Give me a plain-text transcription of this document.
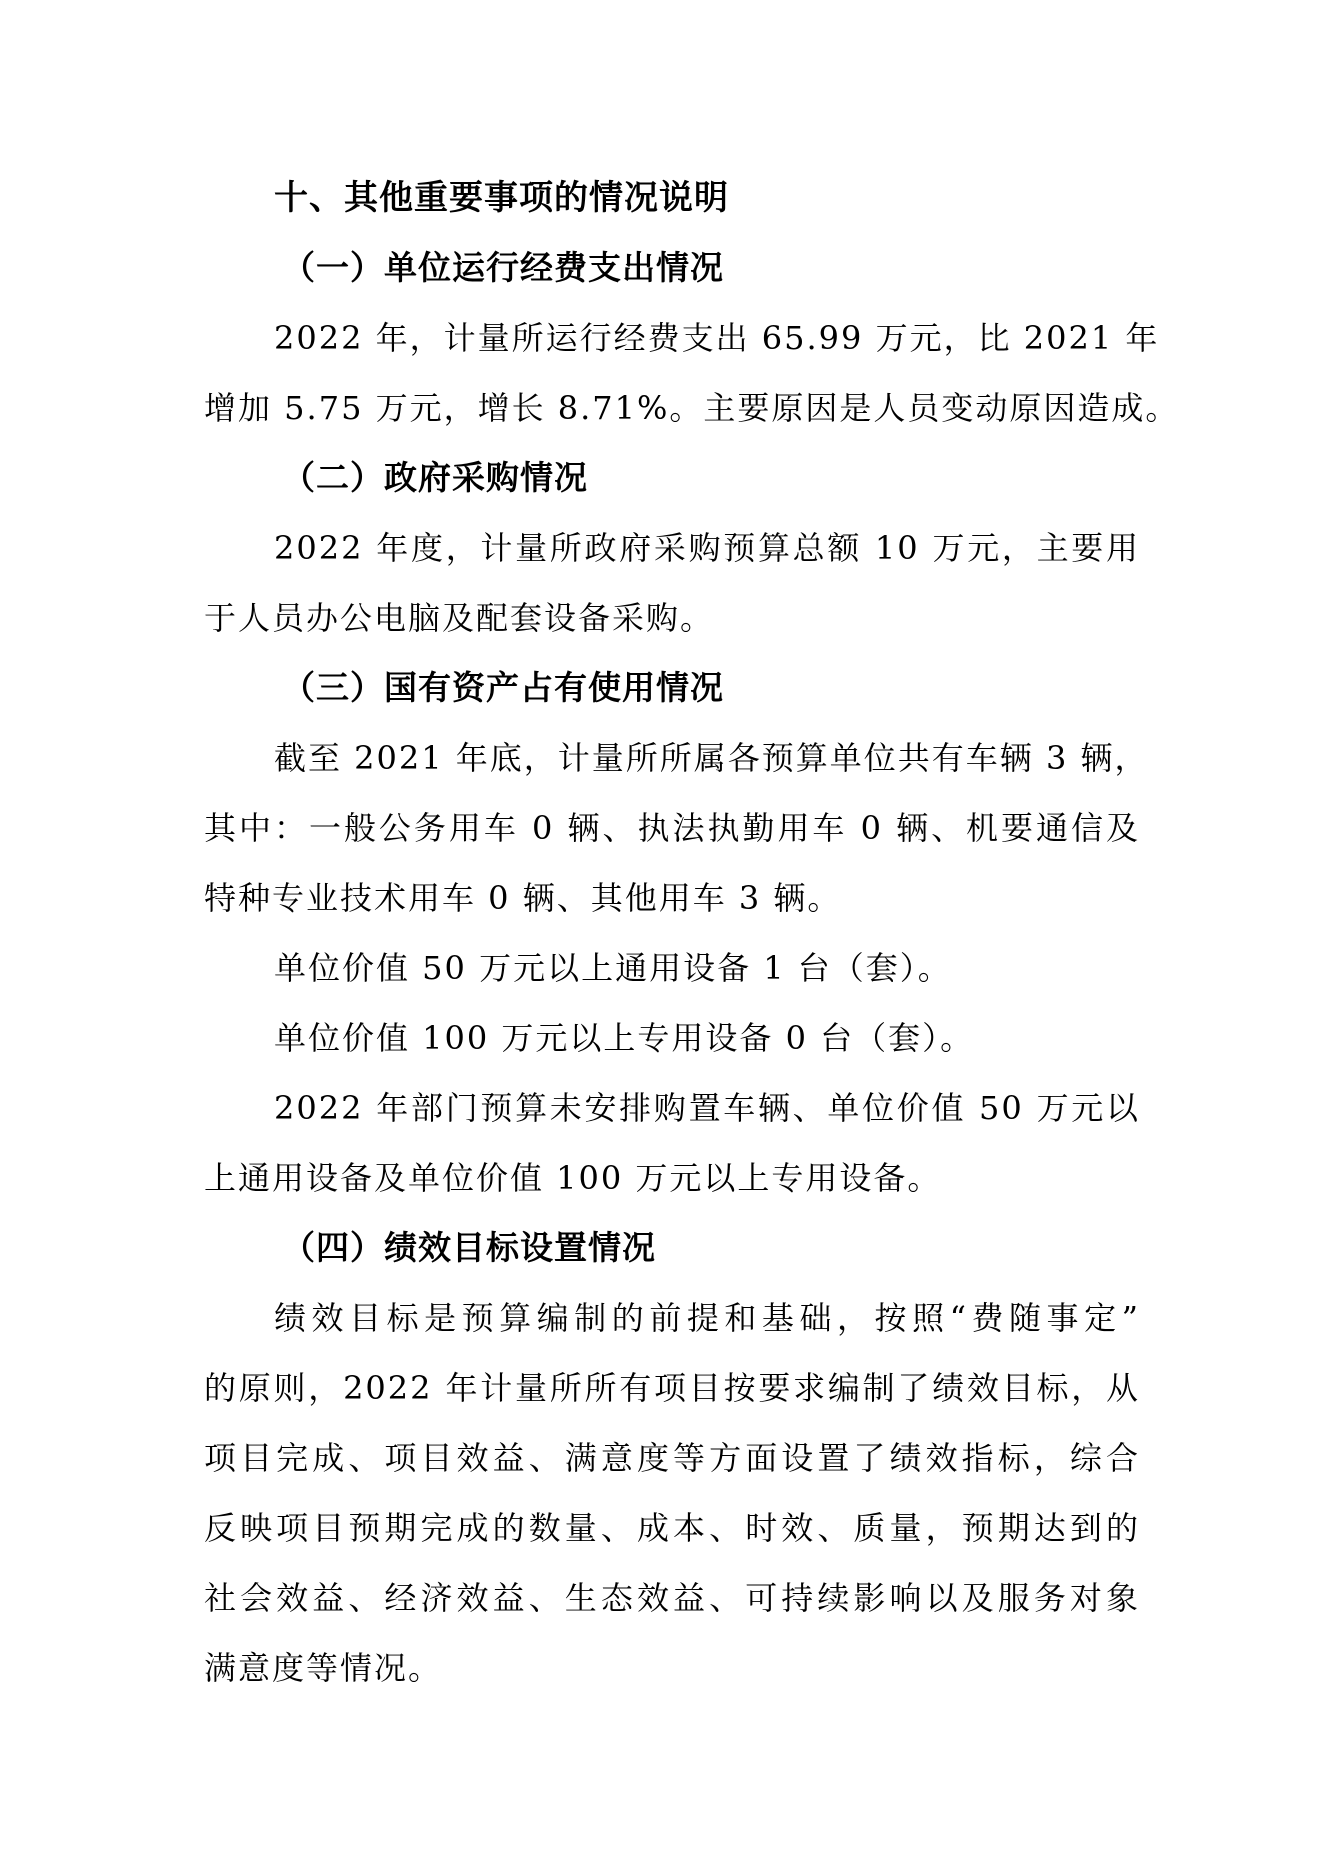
十、其他重要事项的情况说明
（一）单位运行经费支出情况
2022 年，计量所运行经费支出 65.99 万元，比 2021 年
增加 5.75 万元，增长 8.71%。主要原因是人员变动原因造成。
（二）政府采购情况
2022 年度，计量所政府采购预算总额 10 万元，主要用
于人员办公电脑及配套设备采购。
（三）国有资产占有使用情况
截至 2021 年底，计量所所属各预算单位共有车辆 3 辆，
其中：一般公务用车 0 辆、执法执勤用车 0 辆、机要通信及
特种专业技术用车 0 辆、其他用车 3 辆。
单位价值 50 万元以上通用设备 1 台（套）。
单位价值 100 万元以上专用设备 0 台（套）。
2022 年部门预算未安排购置车辆、单位价值 50 万元以
上通用设备及单位价值 100 万元以上专用设备。
（四）绩效目标设置情况
绩效目标是预算编制的前提和基础，按照“费随事定”
的原则，2022 年计量所所有项目按要求编制了绩效目标，从
项目完成、项目效益、满意度等方面设置了绩效指标，综合
反映项目预期完成的数量、成本、时效、质量，预期达到的
社会效益、经济效益、生态效益、可持续影响以及服务对象
满意度等情况。
